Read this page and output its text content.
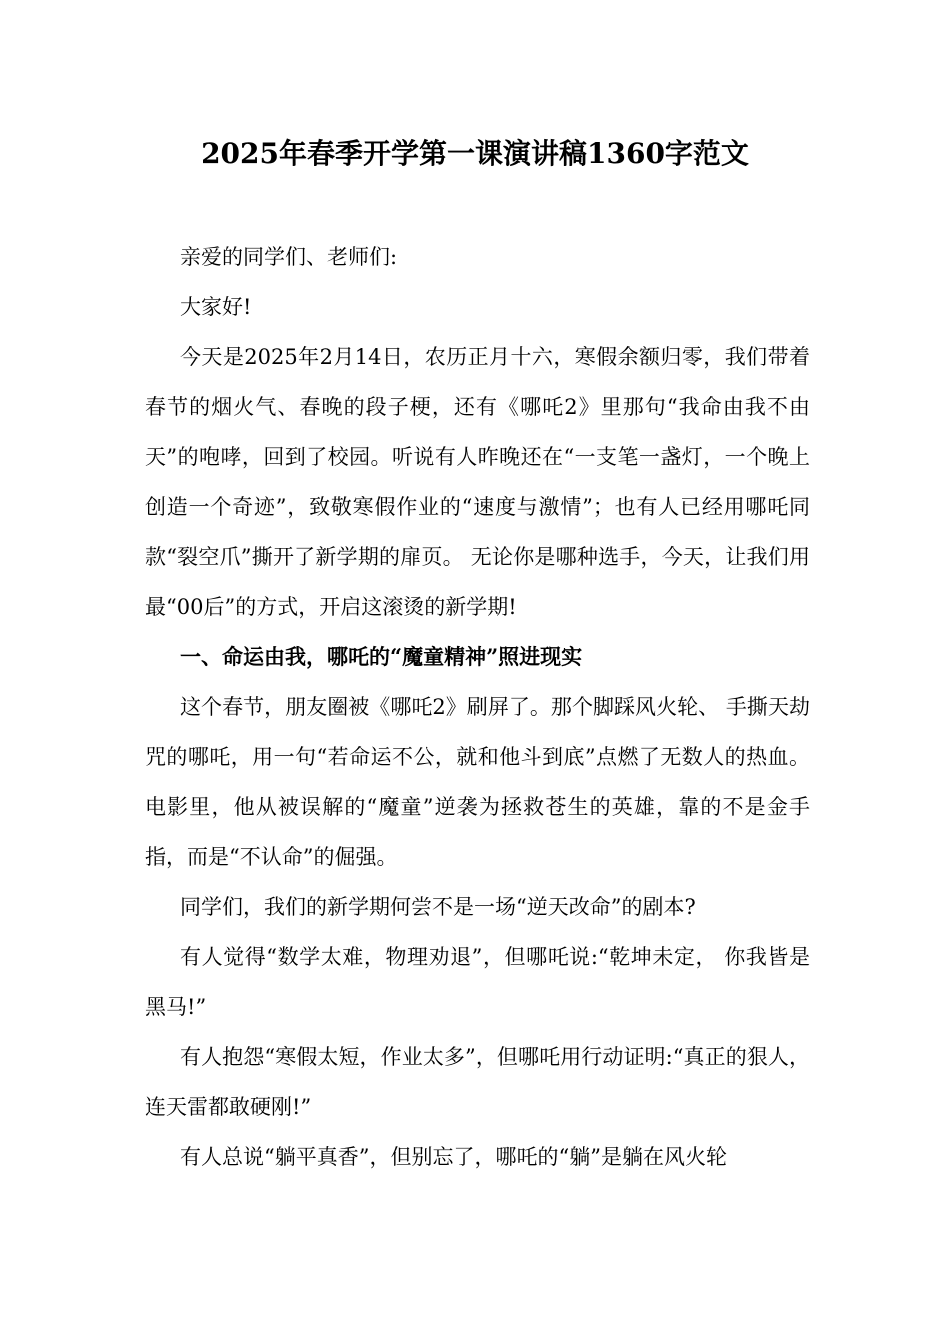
2025年春季开学第一课演讲稿1360字范文

亲爱的同学们、老师们:

大家好!

今天是2025年2月14日，农历正月十六，寒假余额归零，我们带着春节的烟火气、春晚的段子梗，还有《哪吒2》里那句“我命由我不由天”的咆哮，回到了校园。听说有人昨晚还在“一支笔一盏灯，一个晚上创造一个奇迹”，致敬寒假作业的“速度与激情”；也有人已经用哪吒同款“裂空爪”撕开了新学期的扉页。 无论你是哪种选手，今天，让我们用最“00后”的方式，开启这滚烫的新学期!

一、命运由我，哪吒的“魔童精神”照进现实

这个春节，朋友圈被《哪吒2》刷屏了。那个脚踩风火轮、 手撕天劫咒的哪吒，用一句“若命运不公，就和他斗到底”点燃了无数人的热血。电影里，他从被误解的“魔童”逆袭为拯救苍生的英雄，靠的不是金手指，而是“不认命”的倔强。

同学们，我们的新学期何尝不是一场“逆天改命”的剧本?

有人觉得“数学太难，物理劝退”，但哪吒说:“乾坤未定， 你我皆是黑马!”

有人抱怨“寒假太短，作业太多”，但哪吒用行动证明:“真正的狠人，连天雷都敢硬刚!”

有人总说“躺平真香”，但别忘了，哪吒的“躺”是躺在风火轮
